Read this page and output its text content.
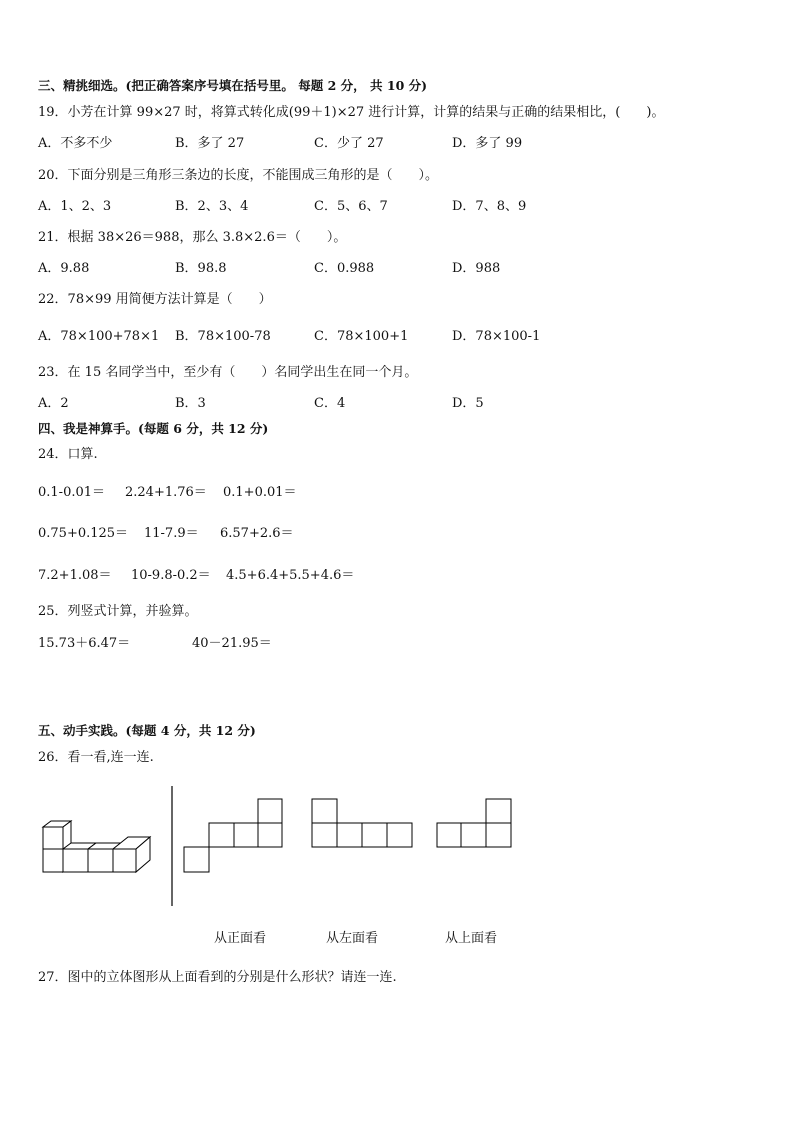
三、精挑细选。(把正确答案序号填在括号里。 每题 2 分， 共 10 分)
19．小芳在计算 99×27 时，将算式转化成(99＋1)×27 进行计算，计算的结果与正确的结果相比，(　　)。
A．不多不少	B．多了 27	C．少了 27	D．多了 99
20．下面分别是三角形三条边的长度，不能围成三角形的是（　　）。
A．1、2、3	B．2、3、4	C．5、6、7	D．7、8、9
21．根据 38×26＝988，那么 3.8×2.6＝（　　）。
A．9.88	B．98.8	C．0.988	D．988
22．78×99 用简便方法计算是（　　）
A．78×100+78×1 B．78×100-78	C．78×100+1	D．78×100-1
23．在 15 名同学当中，至少有（　　）名同学出生在同一个月。
A．2	B．3	C．4	D．5
四、我是神算手。(每题 6 分，共 12 分)
24．口算.
0.1-0.01＝ 2.24+1.76＝ 0.1+0.01＝
0.75+0.125＝ 11-7.9＝ 6.57+2.6＝
7.2+1.08＝ 10-9.8-0.2＝ 4.5+6.4+5.5+4.6＝
25．列竖式计算，并验算。
15.73＋6.47＝	40－21.95＝
五、动手实践。(每题 4 分，共 12 分)
26．看一看,连一连.
从正面看	从左面看	从上面看
27．图中的立体图形从上面看到的分别是什么形状？请连一连.
